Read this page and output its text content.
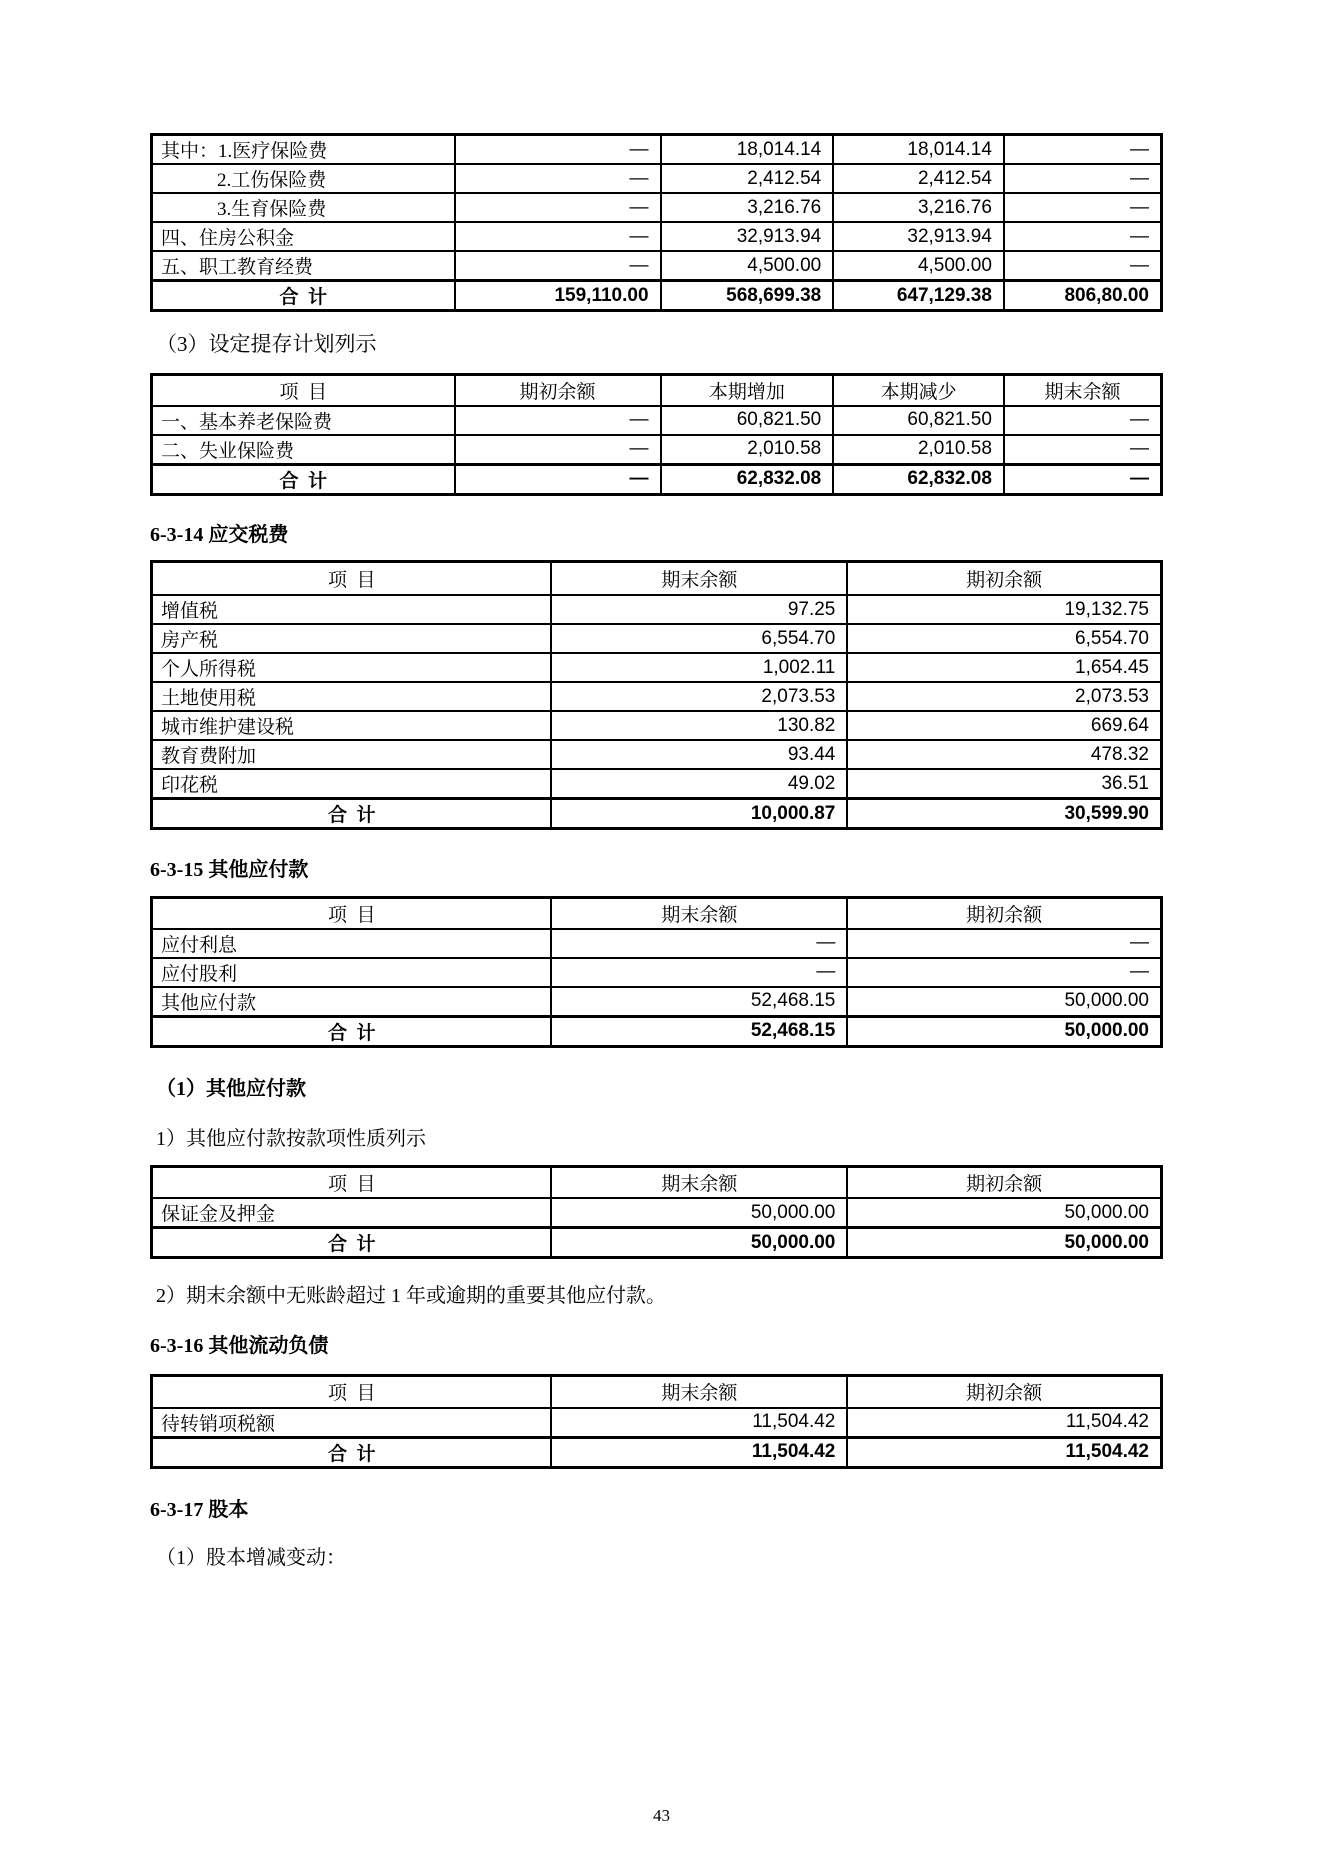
其中：1.医疗保险费	—	18,014.14	18,014.14	—
2.工伤保险费	—	2,412.54	2,412.54	—
3.生育保险费	—	3,216.76	3,216.76	—
四、住房公积金	—	32,913.94	32,913.94	—
五、职工教育经费	—	4,500.00	4,500.00	—
合 计	159,110.00	568,699.38	647,129.38	806,80.00

（3）设定提存计划列示

项 目	期初余额	本期增加	本期减少	期末余额
一、基本养老保险费	—	60,821.50	60,821.50	—
二、失业保险费	—	2,010.58	2,010.58	—
合 计	—	62,832.08	62,832.08	—

6-3-14 应交税费

项 目	期末余额	期初余额
增值税	97.25	19,132.75
房产税	6,554.70	6,554.70
个人所得税	1,002.11	1,654.45
土地使用税	2,073.53	2,073.53
城市维护建设税	130.82	669.64
教育费附加	93.44	478.32
印花税	49.02	36.51
合 计	10,000.87	30,599.90

6-3-15 其他应付款

项 目	期末余额	期初余额
应付利息	—	—
应付股利	—	—
其他应付款	52,468.15	50,000.00
合 计	52,468.15	50,000.00

（1）其他应付款

1）其他应付款按款项性质列示

项 目	期末余额	期初余额
保证金及押金	50,000.00	50,000.00
合 计	50,000.00	50,000.00

2）期末余额中无账龄超过 1 年或逾期的重要其他应付款。

6-3-16 其他流动负债

项 目	期末余额	期初余额
待转销项税额	11,504.42	11,504.42
合 计	11,504.42	11,504.42

6-3-17 股本

（1）股本增减变动：

43
